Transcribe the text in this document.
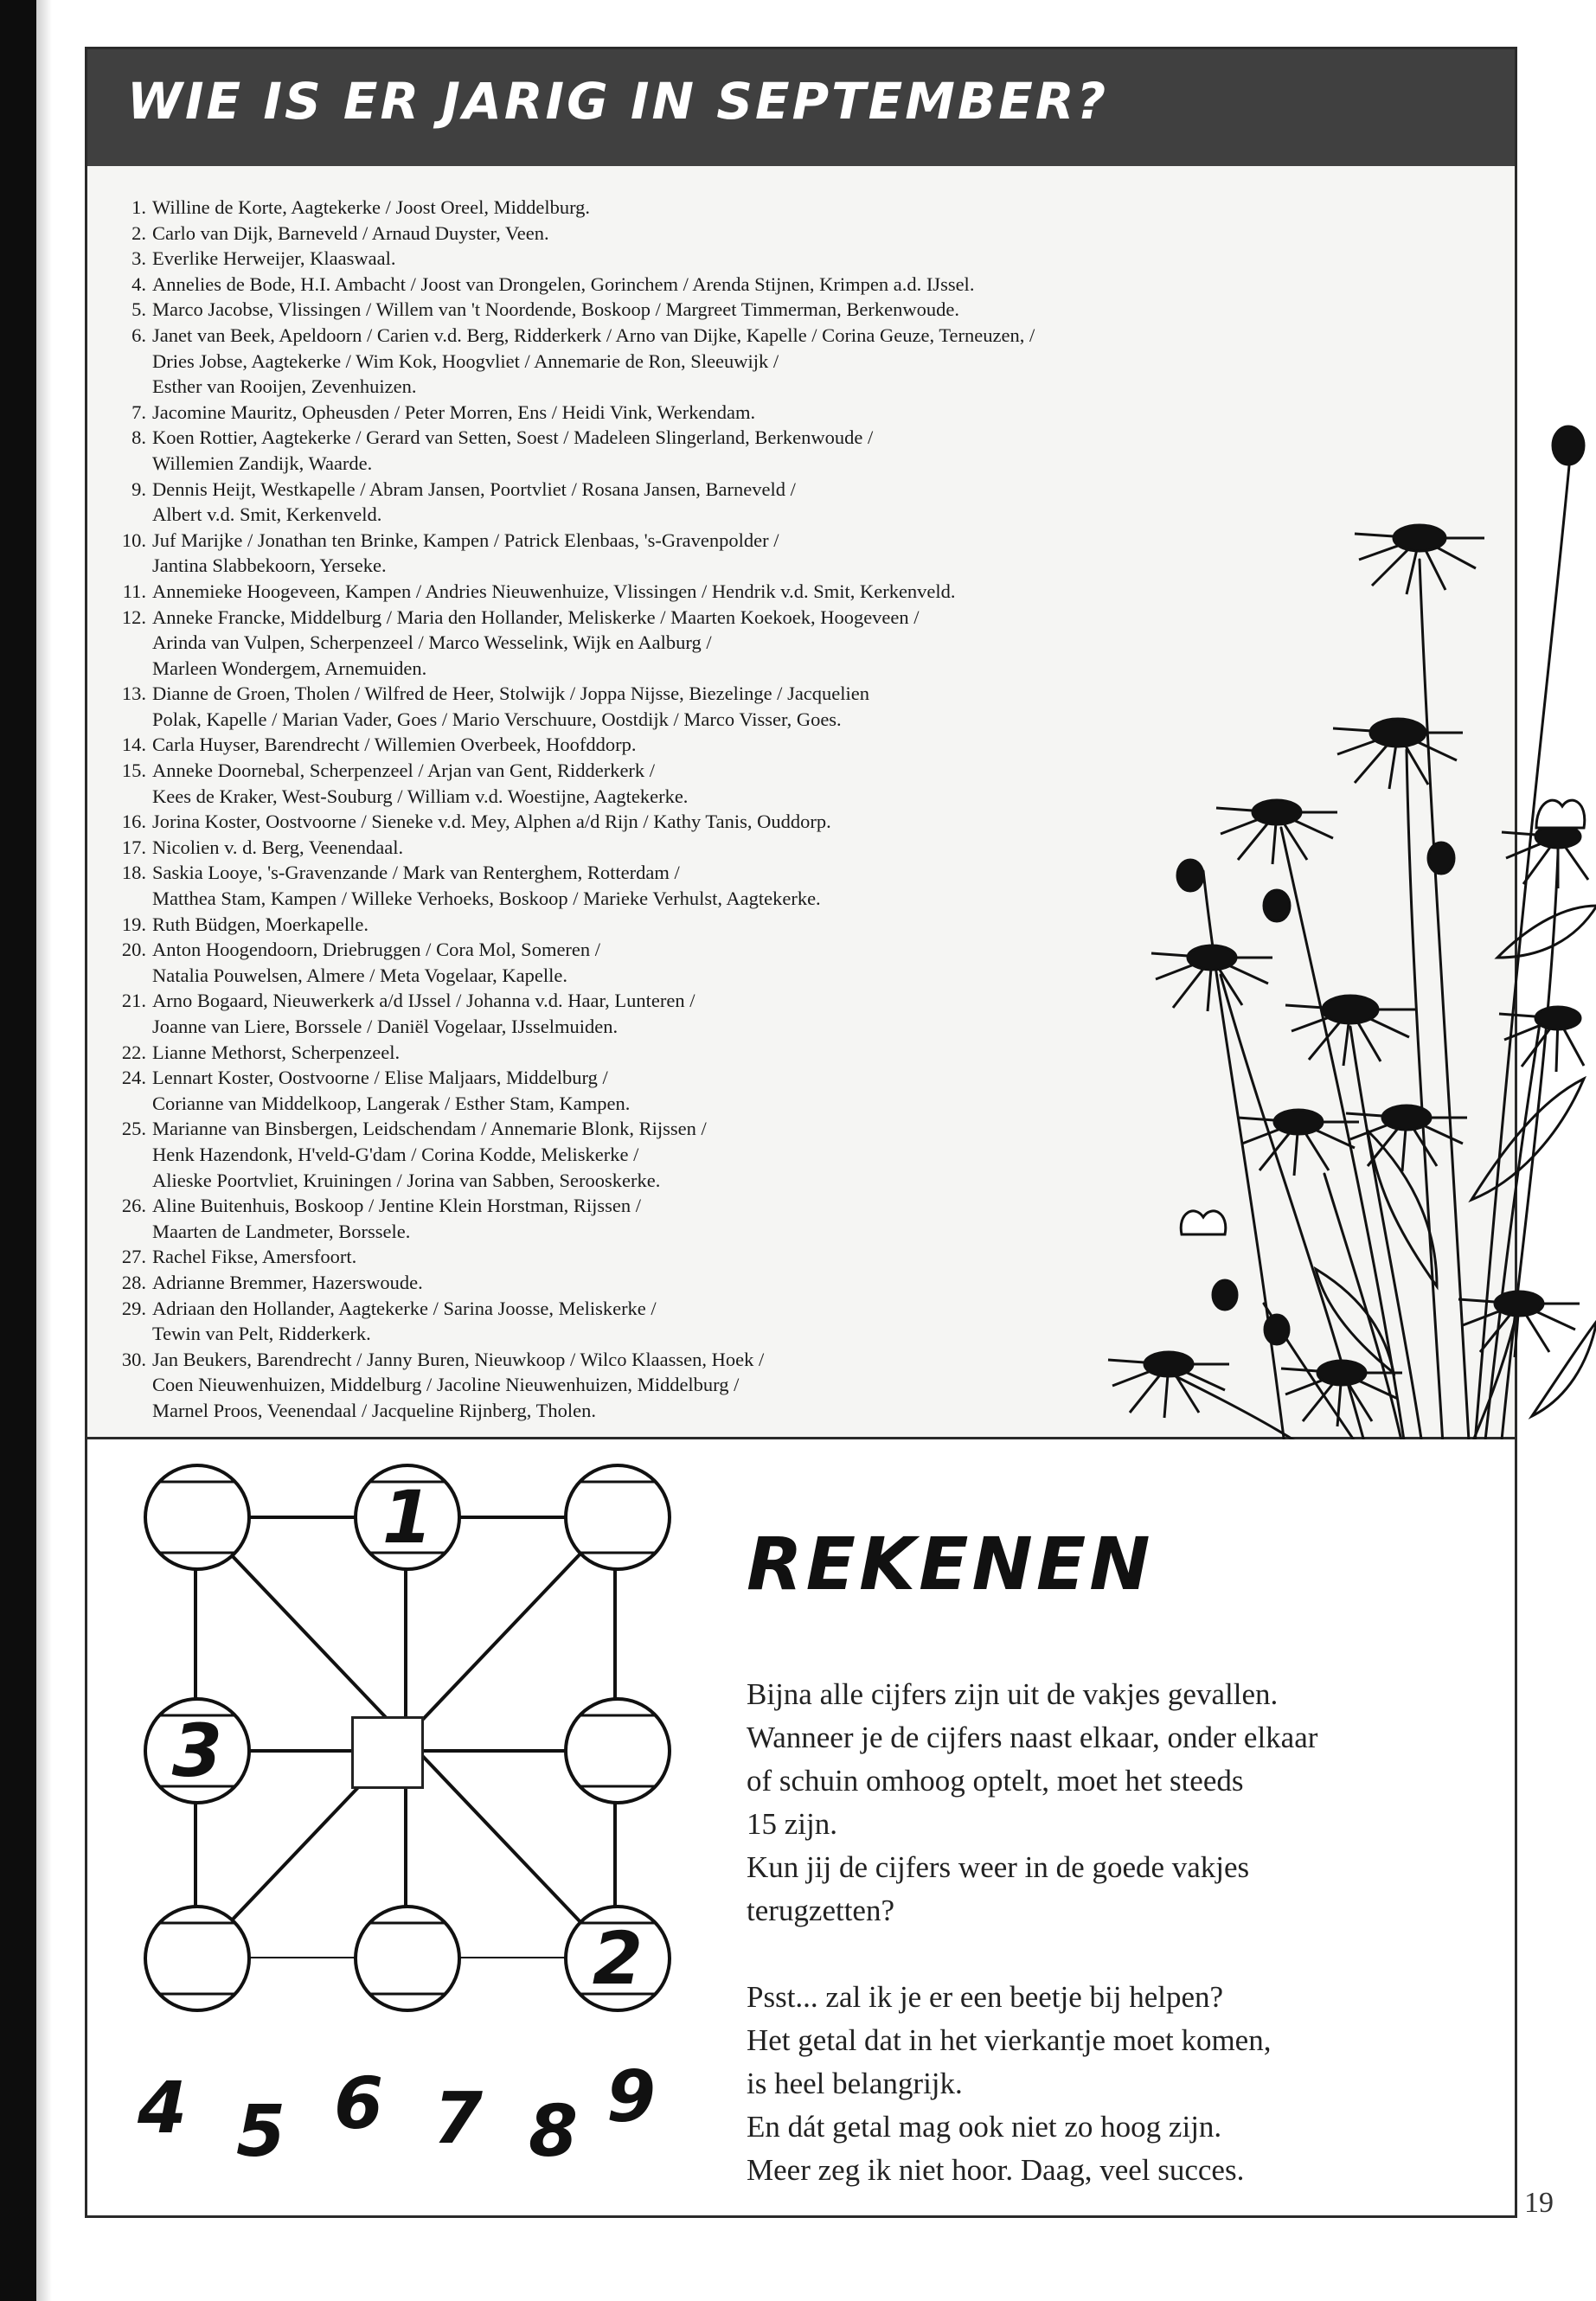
WIE IS ER JARIG IN SEPTEMBER?
1. Willine de Korte, Aagtekerke / Joost Oreel, Middelburg.
2. Carlo van Dijk, Barneveld / Arnaud Duyster, Veen.
3. Everlike Herweijer, Klaaswaal.
4. Annelies de Bode, H.I. Ambacht / Joost van Drongelen, Gorinchem / Arenda Stijnen, Krimpen a.d. IJssel.
5. Marco Jacobse, Vlissingen / Willem van 't Noordende, Boskoop / Margreet Timmerman, Berkenwoude.
6. Janet van Beek, Apeldoorn / Carien v.d. Berg, Ridderkerk / Arno van Dijke, Kapelle / Corina Geuze, Terneuzen, /
Dries Jobse, Aagtekerke / Wim Kok, Hoogvliet / Annemarie de Ron, Sleeuwijk /
Esther van Rooijen, Zevenhuizen.
7. Jacomine Mauritz, Opheusden / Peter Morren, Ens / Heidi Vink, Werkendam.
8. Koen Rottier, Aagtekerke / Gerard van Setten, Soest / Madeleen Slingerland, Berkenwoude /
Willemien Zandijk, Waarde.
9. Dennis Heijt, Westkapelle / Abram Jansen, Poortvliet / Rosana Jansen, Barneveld /
Albert v.d. Smit, Kerkenveld.
10. Juf Marijke / Jonathan ten Brinke, Kampen / Patrick Elenbaas, 's-Gravenpolder /
Jantina Slabbekoorn, Yerseke.
11. Annemieke Hoogeveen, Kampen / Andries Nieuwenhuize, Vlissingen / Hendrik v.d. Smit, Kerkenveld.
12. Anneke Francke, Middelburg / Maria den Hollander, Meliskerke / Maarten Koekoek, Hoogeveen /
Arinda van Vulpen, Scherpenzeel / Marco Wesselink, Wijk en Aalburg /
Marleen Wondergem, Arnemuiden.
13. Dianne de Groen, Tholen / Wilfred de Heer, Stolwijk / Joppa Nijsse, Biezelinge / Jacquelien
Polak, Kapelle / Marian Vader, Goes / Mario Verschuure, Oostdijk / Marco Visser, Goes.
14. Carla Huyser, Barendrecht / Willemien Overbeek, Hoofddorp.
15. Anneke Doornebal, Scherpenzeel / Arjan van Gent, Ridderkerk /
Kees de Kraker, West-Souburg / William v.d. Woestijne, Aagtekerke.
16. Jorina Koster, Oostvoorne / Sieneke v.d. Mey, Alphen a/d Rijn / Kathy Tanis, Ouddorp.
17. Nicolien v. d. Berg, Veenendaal.
18. Saskia Looye, 's-Gravenzande / Mark van Renterghem, Rotterdam /
Matthea Stam, Kampen / Willeke Verhoeks, Boskoop / Marieke Verhulst, Aagtekerke.
19. Ruth Büdgen, Moerkapelle.
20. Anton Hoogendoorn, Driebruggen / Cora Mol, Someren /
Natalia Pouwelsen, Almere / Meta Vogelaar, Kapelle.
21. Arno Bogaard, Nieuwerkerk a/d IJssel / Johanna v.d. Haar, Lunteren /
Joanne van Liere, Borssele / Daniël Vogelaar, IJsselmuiden.
22. Lianne Methorst, Scherpenzeel.
24. Lennart Koster, Oostvoorne / Elise Maljaars, Middelburg /
Corianne van Middelkoop, Langerak / Esther Stam, Kampen.
25. Marianne van Binsbergen, Leidschendam / Annemarie Blonk, Rijssen /
Henk Hazendonk, H'veld-G'dam / Corina Kodde, Meliskerke /
Alieske Poortvliet, Kruiningen / Jorina van Sabben, Serooskerke.
26. Aline Buitenhuis, Boskoop / Jentine Klein Horstman, Rijssen /
Maarten de Landmeter, Borssele.
27. Rachel Fikse, Amersfoort.
28. Adrianne Bremmer, Hazerswoude.
29. Adriaan den Hollander, Aagtekerke / Sarina Joosse, Meliskerke /
Tewin van Pelt, Ridderkerk.
30. Jan Beukers, Barendrecht / Janny Buren, Nieuwkoop / Wilco Klaassen, Hoek /
Coen Nieuwenhuizen, Middelburg / Jacoline Nieuwenhuizen, Middelburg /
Marnel Proos, Veenendaal / Jacqueline Rijnberg, Tholen.
1
3
2
4 5 6 7 8 9
REKENEN
Bijna alle cijfers zijn uit de vakjes gevallen.
Wanneer je de cijfers naast elkaar, onder elkaar
of schuin omhoog optelt, moet het steeds
15 zijn.
Kun jij de cijfers weer in de goede vakjes
terugzetten?
Psst... zal ik je er een beetje bij helpen?
Het getal dat in het vierkantje moet komen,
is heel belangrijk.
En dát getal mag ook niet zo hoog zijn.
Meer zeg ik niet hoor. Daag, veel succes.
19
